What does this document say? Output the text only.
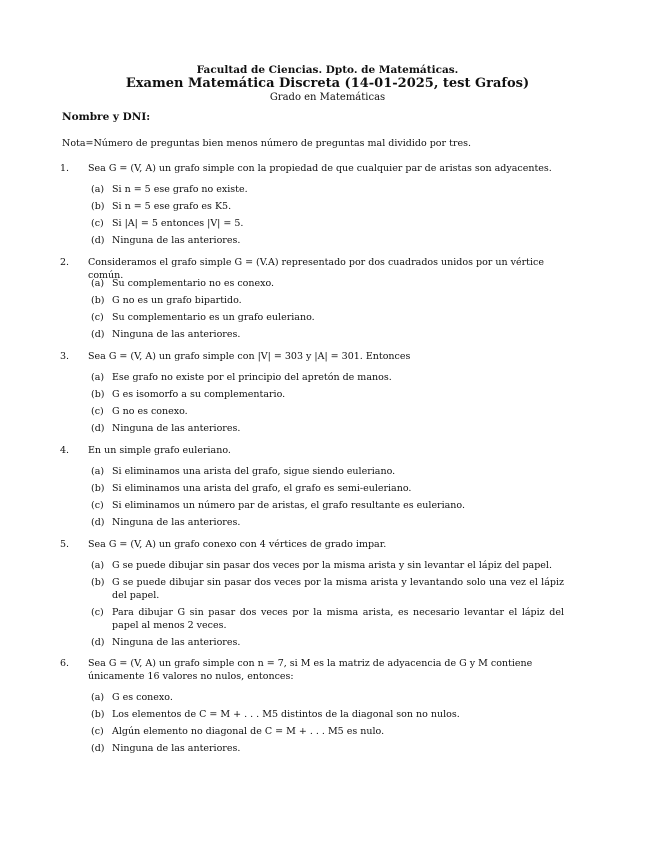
Facultad de Ciencias. Dpto. de Matemáticas.
Examen Matemática Discreta (14-01-2025, test Grafos)
Grado en Matemáticas
Nombre y DNI:
Nota=Número de preguntas bien menos número de preguntas mal dividido por tres.
1. Sea G = (V, A) un grafo simple con la propiedad de que cualquier par de aristas son adyacentes.
(a) Si n = 5 ese grafo no existe.
(b) Si n = 5 ese grafo es K5.
(c) Si |A| = 5 entonces |V| = 5.
(d) Ninguna de las anteriores.
2. Consideramos el grafo simple G = (V.A) representado por dos cuadrados unidos por un vértice común.
(a) Su complementario no es conexo.
(b) G no es un grafo bipartido.
(c) Su complementario es un grafo euleriano.
(d) Ninguna de las anteriores.
3. Sea G = (V, A) un grafo simple con |V| = 303 y |A| = 301. Entonces
(a) Ese grafo no existe por el principio del apretón de manos.
(b) G es isomorfo a su complementario.
(c) G no es conexo.
(d) Ninguna de las anteriores.
4. En un simple grafo euleriano.
(a) Si eliminamos una arista del grafo, sigue siendo euleriano.
(b) Si eliminamos una arista del grafo, el grafo es semi-euleriano.
(c) Si eliminamos un número par de aristas, el grafo resultante es euleriano.
(d) Ninguna de las anteriores.
5. Sea G = (V, A) un grafo conexo con 4 vértices de grado impar.
(a) G se puede dibujar sin pasar dos veces por la misma arista y sin levantar el lápiz del papel.
(b) G se puede dibujar sin pasar dos veces por la misma arista y levantando solo una vez el lápiz del papel.
(c) Para dibujar G sin pasar dos veces por la misma arista, es necesario levantar el lápiz del papel al menos 2 veces.
(d) Ninguna de las anteriores.
6. Sea G = (V, A) un grafo simple con n = 7, si M es la matriz de adyacencia de G y M contiene únicamente 16 valores no nulos, entonces:
(a) G es conexo.
(b) Los elementos de C = M + . . . M5 distintos de la diagonal son no nulos.
(c) Algún elemento no diagonal de C = M + . . . M5 es nulo.
(d) Ninguna de las anteriores.
